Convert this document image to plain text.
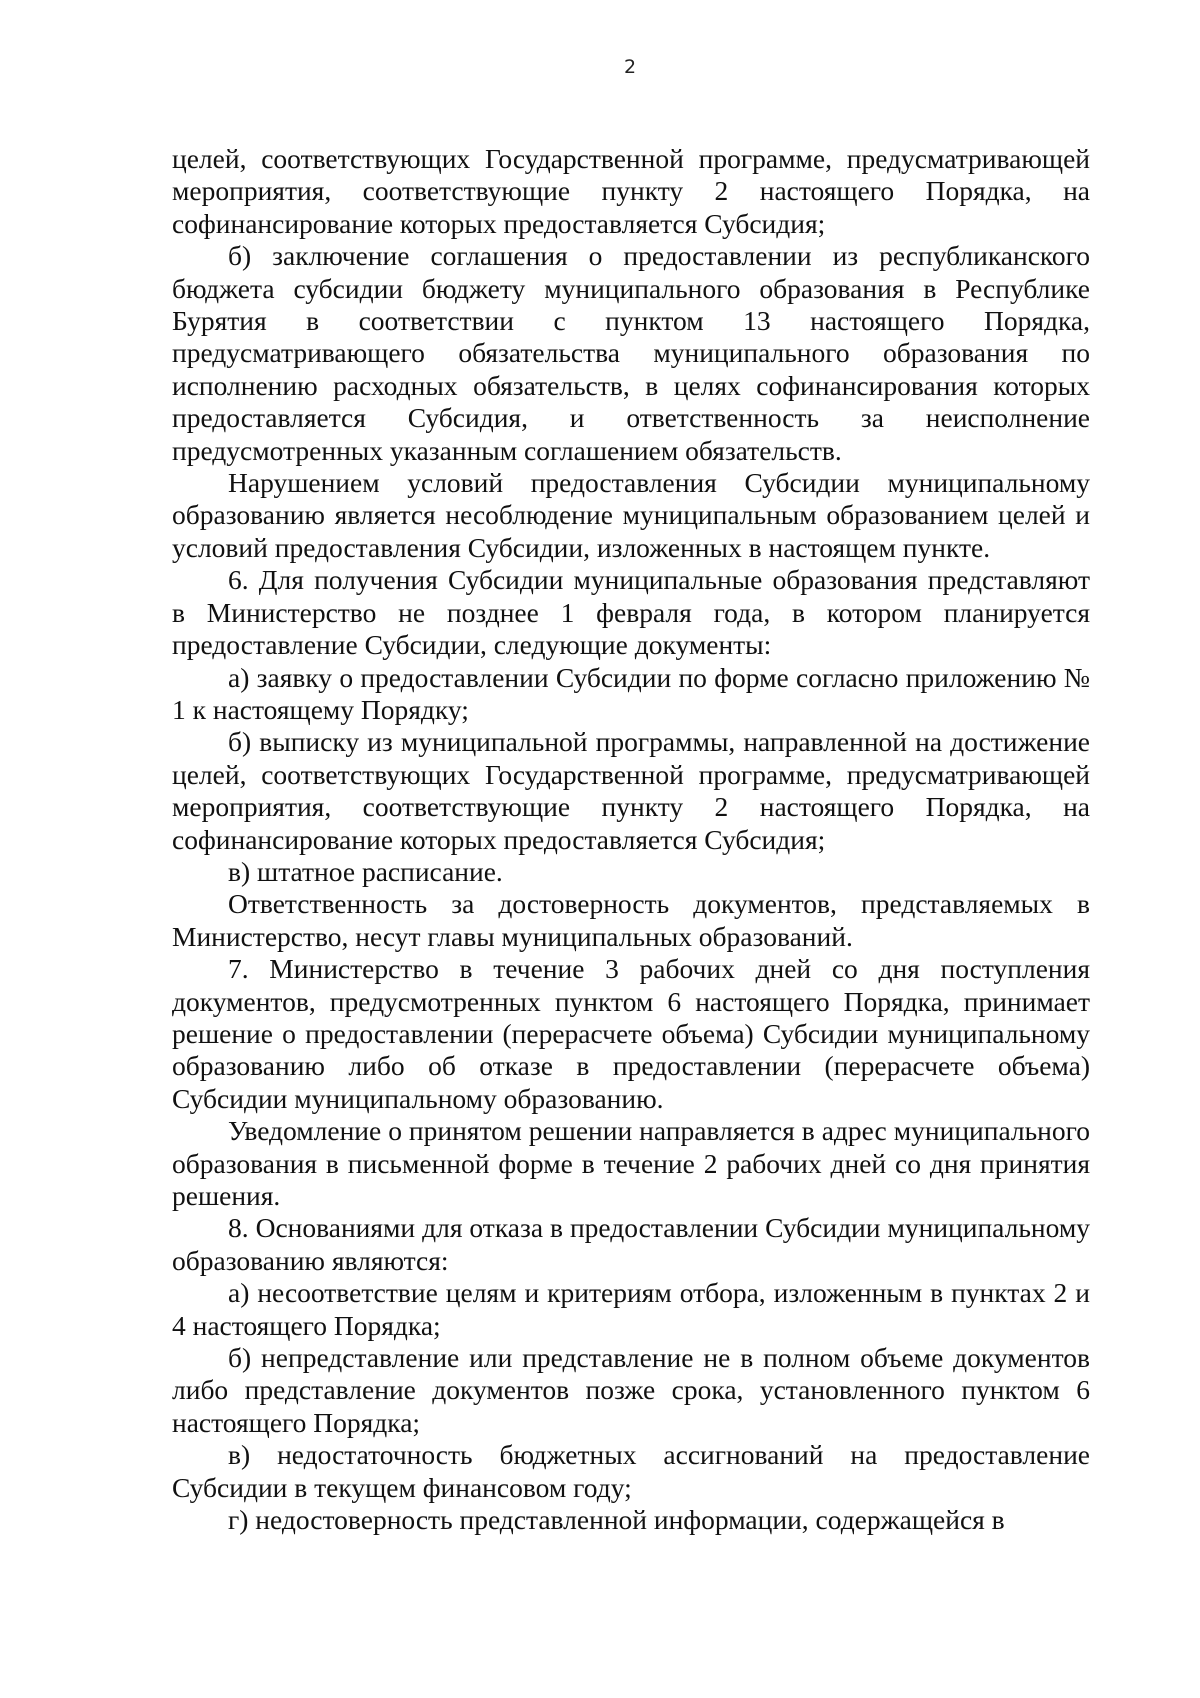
2

целей, соответствующих Государственной программе, предусматривающей мероприятия, соответствующие пункту 2 настоящего Порядка, на софинансирование которых предоставляется Субсидия;

б) заключение соглашения о предоставлении из республиканского бюджета субсидии бюджету муниципального образования в Республике Бурятия в соответствии с пунктом 13 настоящего Порядка, предусматривающего обязательства муниципального образования по исполнению расходных обязательств, в целях софинансирования которых предоставляется Субсидия, и ответственность за неисполнение предусмотренных указанным соглашением обязательств.

Нарушением условий предоставления Субсидии муниципальному образованию является несоблюдение муниципальным образованием целей и условий предоставления Субсидии, изложенных в настоящем пункте.

6. Для получения Субсидии муниципальные образования представляют в Министерство не позднее 1 февраля года, в котором планируется предоставление Субсидии, следующие документы:

а) заявку о предоставлении Субсидии по форме согласно приложению № 1 к настоящему Порядку;

б) выписку из муниципальной программы, направленной на достижение целей, соответствующих Государственной программе, предусматривающей мероприятия, соответствующие пункту 2 настоящего Порядка, на софинансирование которых предоставляется Субсидия;

в) штатное расписание.

Ответственность за достоверность документов, представляемых в Министерство, несут главы муниципальных образований.

7. Министерство в течение 3 рабочих дней со дня поступления документов, предусмотренных пунктом 6 настоящего Порядка, принимает решение о предоставлении (перерасчете объема) Субсидии муниципальному образованию либо об отказе в предоставлении (перерасчете объема) Субсидии муниципальному образованию.

Уведомление о принятом решении направляется в адрес муниципального образования в письменной форме в течение 2 рабочих дней со дня принятия решения.

8. Основаниями для отказа в предоставлении Субсидии муниципальному образованию являются:

а) несоответствие целям и критериям отбора, изложенным в пунктах 2 и 4 настоящего Порядка;

б) непредставление или представление не в полном объеме документов либо представление документов позже срока, установленного пунктом 6 настоящего Порядка;

в) недостаточность бюджетных ассигнований на предоставление Субсидии в текущем финансовом году;

г) недостоверность представленной информации, содержащейся в
